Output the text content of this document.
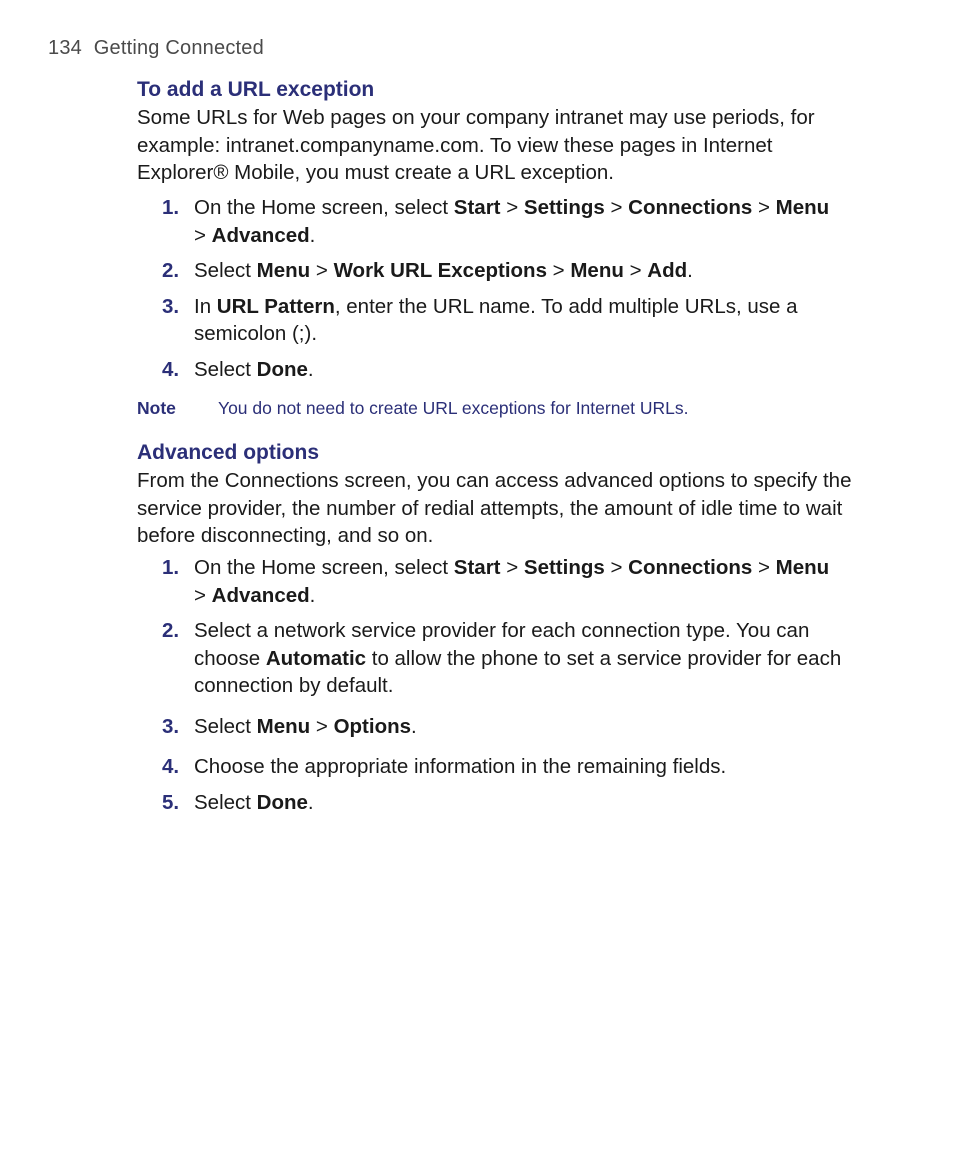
134 Getting Connected
To add a URL exception

Some URLs for Web pages on your company intranet may use periods, for example: intranet.companyname.com. To view these pages in Internet Explorer® Mobile, you must create a URL exception.

1. On the Home screen, select Start > Settings > Connections > Menu
> Advanced.
2. Select Menu > Work URL Exceptions > Menu > Add.
3. In URL Pattern, enter the URL name. To add multiple URLs, use a semicolon (;).
4. Select Done.
Note You do not need to create URL exceptions for Internet URLs.
Advanced options

From the Connections screen, you can access advanced options to specify the service provider, the number of redial attempts, the amount of idle time to wait before disconnecting, and so on.

1. On the Home screen, select Start > Settings > Connections > Menu
> Advanced.
2. Select a network service provider for each connection type. You can choose Automatic to allow the phone to set a service provider for each connection by default.
3. Select Menu > Options.
4. Choose the appropriate information in the remaining fields.
5. Select Done.
